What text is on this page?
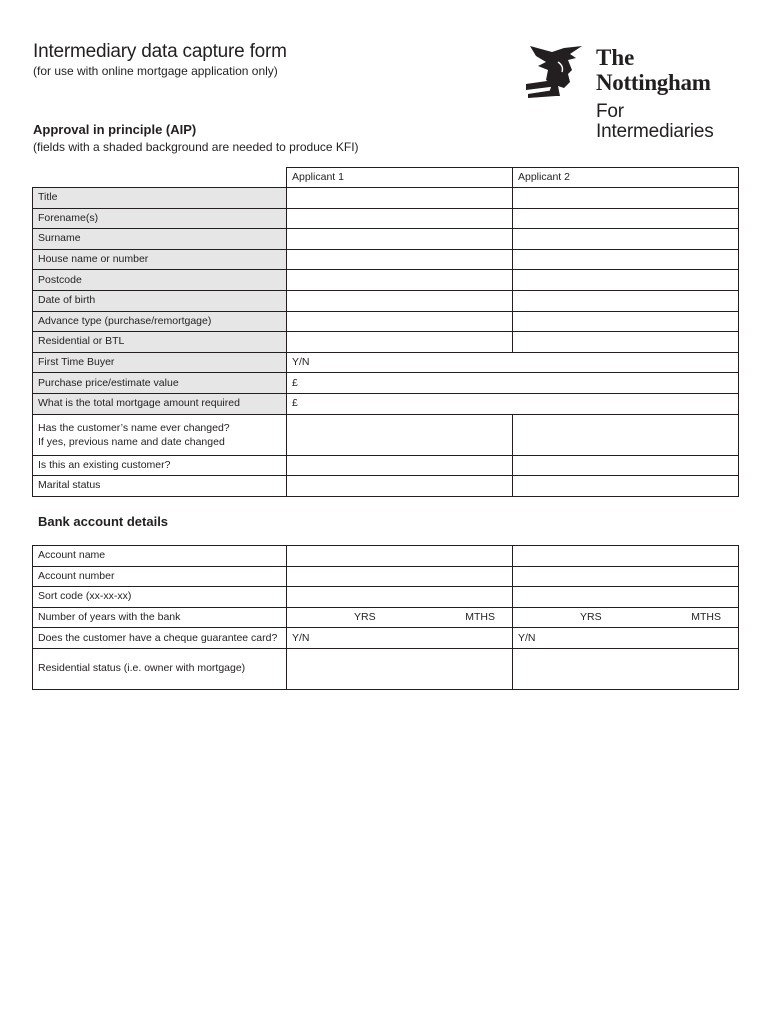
Intermediary data capture form
(for use with online mortgage application only)
The
Nottingham
For Intermediaries
Approval in principle (AIP)
(fields with a shaded background are needed to produce KFI)
	Applicant 1	Applicant 2
Title		
Forename(s)		
Surname		
House name or number		
Postcode		
Date of birth		
Advance type (purchase/remortgage)		
Residential or BTL		
First Time Buyer	Y/N	
Purchase price/estimate value	£	
What is the total mortgage amount required	£	

Has the customer’s name ever changed?
If yes, previous name and date changed		

Is this an existing customer?		
Marital status		
Bank account details
Account name		
Account number		
Sort code (xx-xx-xx)		
Number of years with the bank	YRS MTHS	YRS MTHS

Does the customer have a cheque guarantee card?	Y/N	Y/N
Residential status (i.e. owner with mortgage)		
